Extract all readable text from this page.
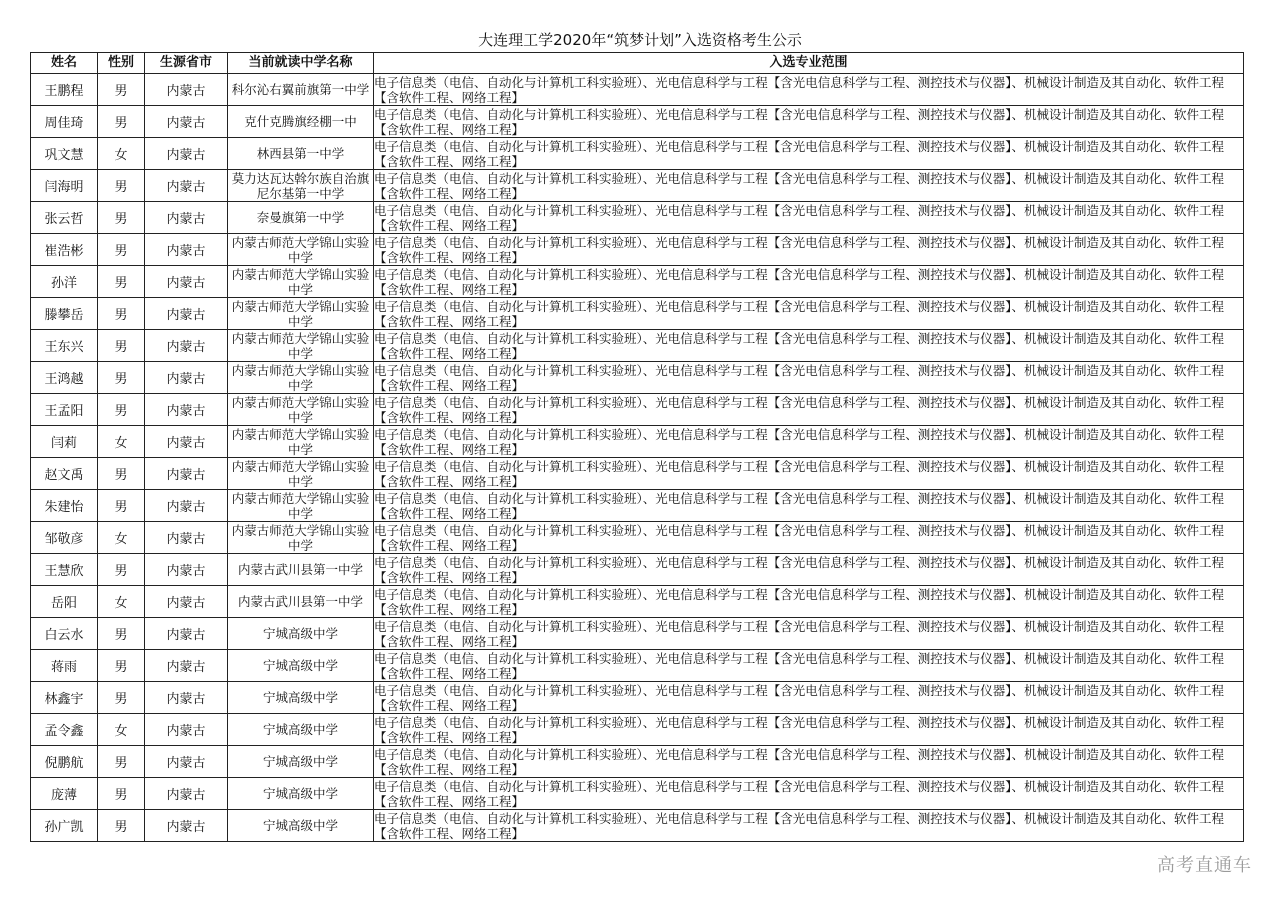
大连理工学2020年“筑梦计划”入选资格考生公示
姓名	性别	生源省市	当前就读中学名称	入选专业范围
王鹏程	男	内蒙古	科尔沁右翼前旗第一中学	电子信息类（电信、自动化与计算机工科实验班）、光电信息科学与工程【含光电信息科学与工程、测控技术与仪器】、机械设计制造及其自动化、软件工程【含软件工程、网络工程】
周佳琦	男	内蒙古	克什克腾旗经棚一中	电子信息类（电信、自动化与计算机工科实验班）、光电信息科学与工程【含光电信息科学与工程、测控技术与仪器】、机械设计制造及其自动化、软件工程【含软件工程、网络工程】
巩文慧	女	内蒙古	林西县第一中学	电子信息类（电信、自动化与计算机工科实验班）、光电信息科学与工程【含光电信息科学与工程、测控技术与仪器】、机械设计制造及其自动化、软件工程【含软件工程、网络工程】
闫海明	男	内蒙古	莫力达瓦达斡尔族自治旗尼尔基第一中学	电子信息类（电信、自动化与计算机工科实验班）、光电信息科学与工程【含光电信息科学与工程、测控技术与仪器】、机械设计制造及其自动化、软件工程【含软件工程、网络工程】
张云哲	男	内蒙古	奈曼旗第一中学	电子信息类（电信、自动化与计算机工科实验班）、光电信息科学与工程【含光电信息科学与工程、测控技术与仪器】、机械设计制造及其自动化、软件工程【含软件工程、网络工程】
崔浩彬	男	内蒙古	内蒙古师范大学锦山实验中学	电子信息类（电信、自动化与计算机工科实验班）、光电信息科学与工程【含光电信息科学与工程、测控技术与仪器】、机械设计制造及其自动化、软件工程【含软件工程、网络工程】
孙洋	男	内蒙古	内蒙古师范大学锦山实验中学	电子信息类（电信、自动化与计算机工科实验班）、光电信息科学与工程【含光电信息科学与工程、测控技术与仪器】、机械设计制造及其自动化、软件工程【含软件工程、网络工程】
滕攀岳	男	内蒙古	内蒙古师范大学锦山实验中学	电子信息类（电信、自动化与计算机工科实验班）、光电信息科学与工程【含光电信息科学与工程、测控技术与仪器】、机械设计制造及其自动化、软件工程【含软件工程、网络工程】
王东兴	男	内蒙古	内蒙古师范大学锦山实验中学	电子信息类（电信、自动化与计算机工科实验班）、光电信息科学与工程【含光电信息科学与工程、测控技术与仪器】、机械设计制造及其自动化、软件工程【含软件工程、网络工程】
王鸿越	男	内蒙古	内蒙古师范大学锦山实验中学	电子信息类（电信、自动化与计算机工科实验班）、光电信息科学与工程【含光电信息科学与工程、测控技术与仪器】、机械设计制造及其自动化、软件工程【含软件工程、网络工程】
王孟阳	男	内蒙古	内蒙古师范大学锦山实验中学	电子信息类（电信、自动化与计算机工科实验班）、光电信息科学与工程【含光电信息科学与工程、测控技术与仪器】、机械设计制造及其自动化、软件工程【含软件工程、网络工程】
闫莉	女	内蒙古	内蒙古师范大学锦山实验中学	电子信息类（电信、自动化与计算机工科实验班）、光电信息科学与工程【含光电信息科学与工程、测控技术与仪器】、机械设计制造及其自动化、软件工程【含软件工程、网络工程】
赵文禹	男	内蒙古	内蒙古师范大学锦山实验中学	电子信息类（电信、自动化与计算机工科实验班）、光电信息科学与工程【含光电信息科学与工程、测控技术与仪器】、机械设计制造及其自动化、软件工程【含软件工程、网络工程】
朱建怡	男	内蒙古	内蒙古师范大学锦山实验中学	电子信息类（电信、自动化与计算机工科实验班）、光电信息科学与工程【含光电信息科学与工程、测控技术与仪器】、机械设计制造及其自动化、软件工程【含软件工程、网络工程】
邹敬彦	女	内蒙古	内蒙古师范大学锦山实验中学	电子信息类（电信、自动化与计算机工科实验班）、光电信息科学与工程【含光电信息科学与工程、测控技术与仪器】、机械设计制造及其自动化、软件工程【含软件工程、网络工程】
王慧欣	男	内蒙古	内蒙古武川县第一中学	电子信息类（电信、自动化与计算机工科实验班）、光电信息科学与工程【含光电信息科学与工程、测控技术与仪器】、机械设计制造及其自动化、软件工程【含软件工程、网络工程】
岳阳	女	内蒙古	内蒙古武川县第一中学	电子信息类（电信、自动化与计算机工科实验班）、光电信息科学与工程【含光电信息科学与工程、测控技术与仪器】、机械设计制造及其自动化、软件工程【含软件工程、网络工程】
白云水	男	内蒙古	宁城高级中学	电子信息类（电信、自动化与计算机工科实验班）、光电信息科学与工程【含光电信息科学与工程、测控技术与仪器】、机械设计制造及其自动化、软件工程【含软件工程、网络工程】
蒋雨	男	内蒙古	宁城高级中学	电子信息类（电信、自动化与计算机工科实验班）、光电信息科学与工程【含光电信息科学与工程、测控技术与仪器】、机械设计制造及其自动化、软件工程【含软件工程、网络工程】
林鑫宇	男	内蒙古	宁城高级中学	电子信息类（电信、自动化与计算机工科实验班）、光电信息科学与工程【含光电信息科学与工程、测控技术与仪器】、机械设计制造及其自动化、软件工程【含软件工程、网络工程】
孟令鑫	女	内蒙古	宁城高级中学	电子信息类（电信、自动化与计算机工科实验班）、光电信息科学与工程【含光电信息科学与工程、测控技术与仪器】、机械设计制造及其自动化、软件工程【含软件工程、网络工程】
倪鹏航	男	内蒙古	宁城高级中学	电子信息类（电信、自动化与计算机工科实验班）、光电信息科学与工程【含光电信息科学与工程、测控技术与仪器】、机械设计制造及其自动化、软件工程【含软件工程、网络工程】
庞薄	男	内蒙古	宁城高级中学	电子信息类（电信、自动化与计算机工科实验班）、光电信息科学与工程【含光电信息科学与工程、测控技术与仪器】、机械设计制造及其自动化、软件工程【含软件工程、网络工程】
孙广凯	男	内蒙古	宁城高级中学	电子信息类（电信、自动化与计算机工科实验班）、光电信息科学与工程【含光电信息科学与工程、测控技术与仪器】、机械设计制造及其自动化、软件工程【含软件工程、网络工程】
高考直通车
